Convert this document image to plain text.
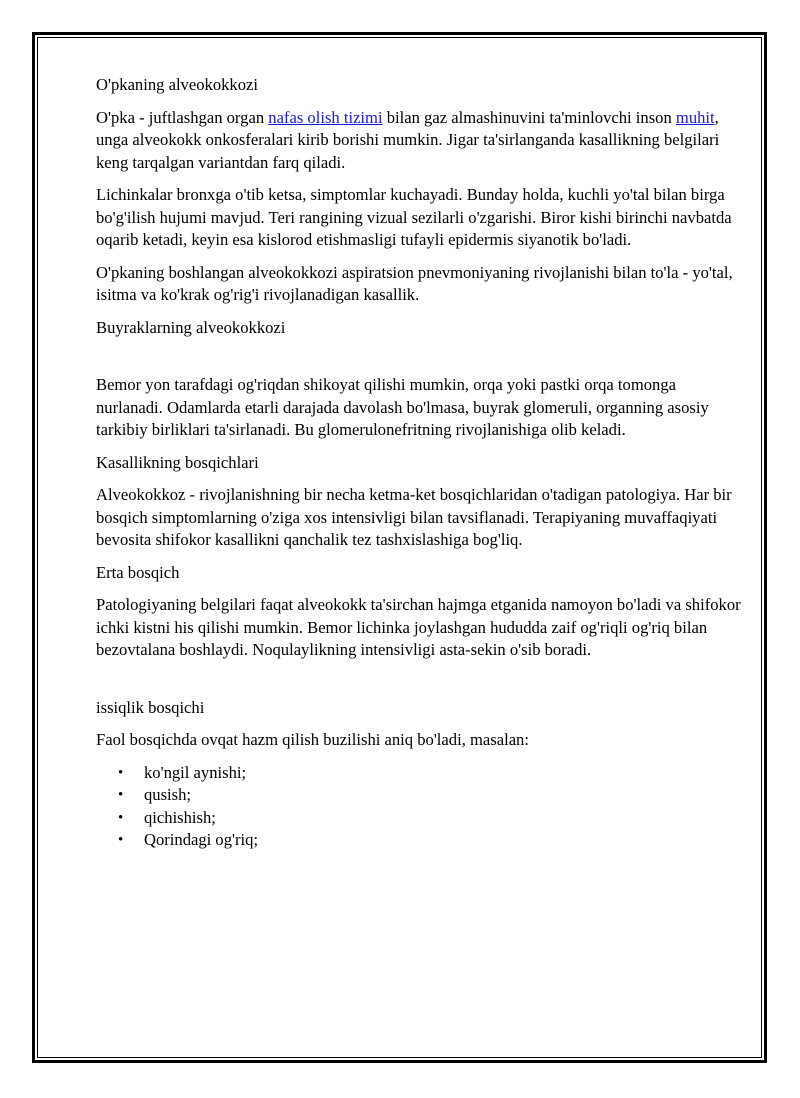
O'pkaning alveokokkozi

O'pka - juftlashgan organ nafas olish tizimi bilan gaz almashinuvini ta'minlovchi inson muhit, unga alveokokk onkosferalari kirib borishi mumkin. Jigar ta'sirlanganda kasallikning belgilari keng tarqalgan variantdan farq qiladi.

Lichinkalar bronxga o'tib ketsa, simptomlar kuchayadi. Bunday holda, kuchli yo'tal bilan birga bo'g'ilish hujumi mavjud. Teri rangining vizual sezilarli o'zgarishi. Biror kishi birinchi navbatda oqarib ketadi, keyin esa kislorod etishmasligi tufayli epidermis siyanotik bo'ladi.

O'pkaning boshlangan alveokokkozi aspiratsion pnevmoniyaning rivojlanishi bilan to'la - yo'tal, isitma va ko'krak og'rig'i rivojlanadigan kasallik.

Buyraklarning alveokokkozi

Bemor yon tarafdagi og'riqdan shikoyat qilishi mumkin, orqa yoki pastki orqa tomonga nurlanadi. Odamlarda etarli darajada davolash bo'lmasa, buyrak glomeruli, organning asosiy tarkibiy birliklari ta'sirlanadi. Bu glomerulonefritning rivojlanishiga olib keladi.

Kasallikning bosqichlari

Alveokokkoz - rivojlanishning bir necha ketma-ket bosqichlaridan o'tadigan patologiya. Har bir bosqich simptomlarning o'ziga xos intensivligi bilan tavsiflanadi. Terapiyaning muvaffaqiyati bevosita shifokor kasallikni qanchalik tez tashxislashiga bog'liq.

Erta bosqich

Patologiyaning belgilari faqat alveokokk ta'sirchan hajmga etganida namoyon bo'ladi va shifokor ichki kistni his qilishi mumkin. Bemor lichinka joylashgan hududda zaif og'riqli og'riq bilan bezovtalana boshlaydi. Noqulaylikning intensivligi asta-sekin o'sib boradi.

issiqlik bosqichi

Faol bosqichda ovqat hazm qilish buzilishi aniq bo'ladi, masalan:

• ko'ngil aynishi;
• qusish;
• qichishish;
• Qorindagi og'riq;
